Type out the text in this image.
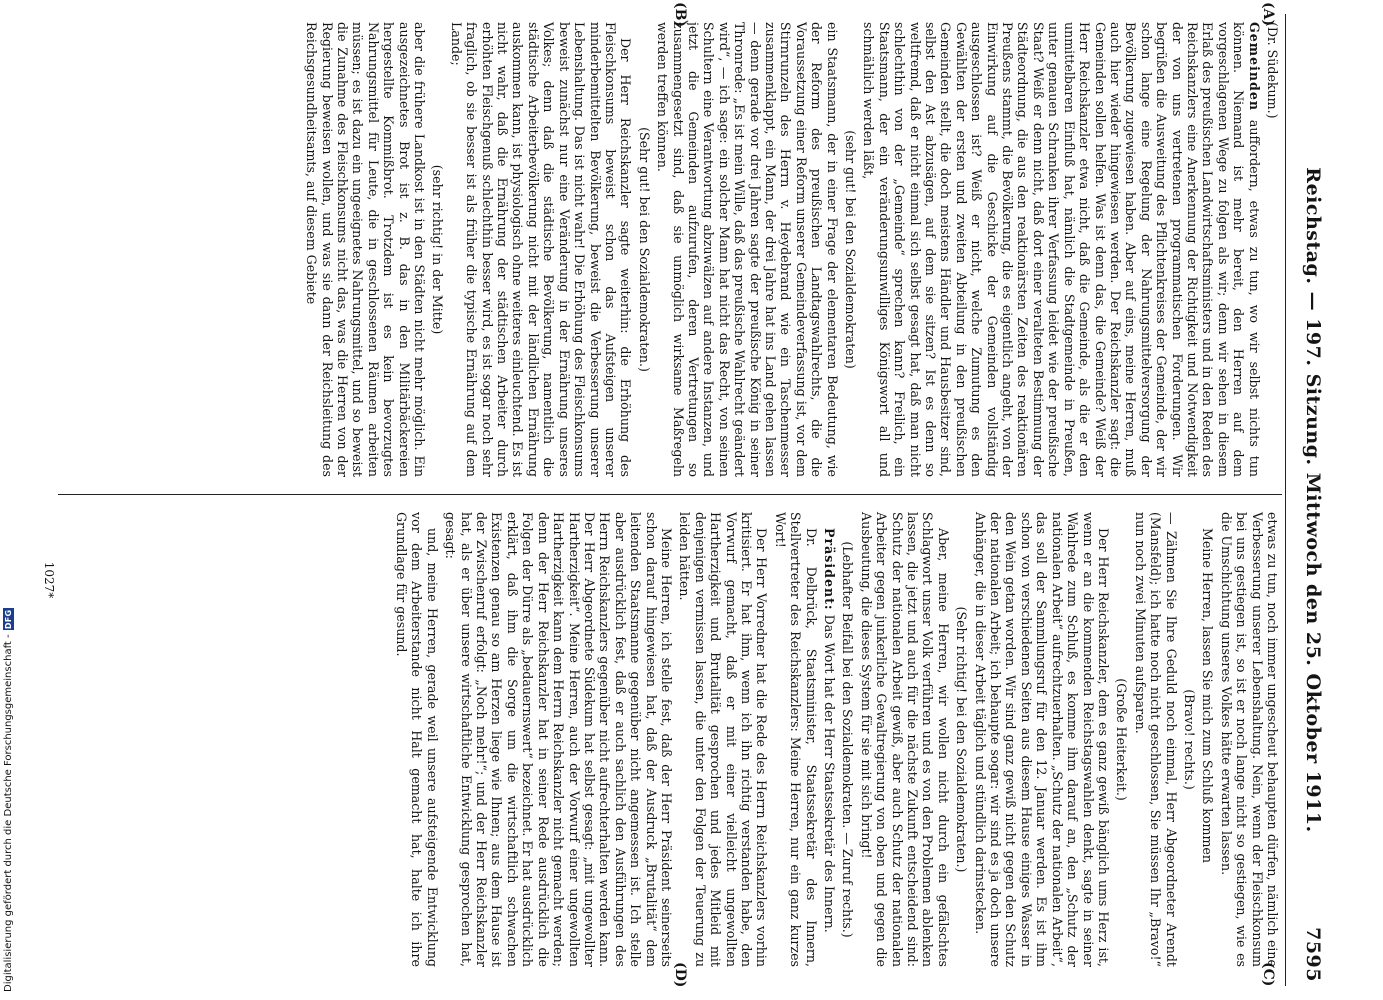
Reichstag. — 197. Sitzung. Mittwoch den 25. Oktober 1911.
7595
(A)
(B)
(C)
(D)

(Dr. Südekum.)

Gemeinden auffordern, etwas zu tun, wo wir selbst nichts tun können. Niemand ist mehr bereit, den Herren auf dem vorgeschlagenen Wege zu folgen als wir; denn wir sehen in diesem Erlaß des preußischen Landwirtschaftsministers und in den Reden des Reichskanzlers eine Anerkennung der Richtigkeit und Notwendigkeit der von uns vertretenen programmatischen Forderungen. Wir begrüßen die Ausweitung des Pflichtenkreises der Gemeinde, der wir schon lange eine Regelung der Nahrungsmittelversorgung der Bevölkerung zugewiesen haben. Aber auf eins, meine Herren, muß auch hier wieder hingewiesen werden. Der Reichskanzler sagt: die Gemeinden sollen helfen. Was ist denn das, die Gemeinde? Weiß der Herr Reichskanzler etwa nicht, daß die Gemeinde, als die er den unmittelbaren Einfluß hat, nämlich die Stadtgemeinde in Preußen, unter genauen Schranken ihrer Verfassung leidet wie der preußische Staat? Weiß er denn nicht, daß dort einer veralteten Bestimmung der Städteordnung, die aus den reaktionärsten Zeiten des reaktionären Preußens stammt, die Bevölkerung, die es eigentlich angeht, von der Einwirkung auf die Geschicke der Gemeinden vollständig ausgeschlossen ist? Weiß er nicht, welche Zumutung es den Gewählten der ersten und zweiten Abteilung in den preußischen Gemeinden stellt, die doch meistens Händler und Hausbesitzer sind, selbst den Ast abzusägen, auf dem sie sitzen? Ist es denn so weltfremd, daß er nicht einmal sich selbst gesagt hat, daß man nicht schlechthin von der „Gemeinde“ sprechen kann? Freilich, ein Staatsmann, der ein veränderungsunwilliges Königswort all und schmählich werden läßt,

(sehr gut! bei den Sozialdemokraten)

ein Staatsmann, der in einer Frage der elementaren Bedeutung, wie der Reform des preußischen Landtagswahlrechts, die die Voraussetzung einer Reform unserer Gemeindeverfassung ist, vor dem Stirnrunzeln des Herrn v. Heydebrand wie ein Taschenmesser zusammenklappt, ein Mann, der drei Jahre hat ins Land gehen lassen — denn gerade vor drei Jahren sagte der preußische König in seiner Thronrede: „Es ist mein Wille, daß das preußische Wahlrecht geändert wird“, — ich sage: ein solcher Mann hat nicht das Recht, von seinen Schultern eine Verantwortung abzuwälzen auf andere Instanzen, und jetzt die Gemeinden aufzurufen, deren Vertretungen so zusammengesetzt sind, daß sie unmöglich wirksame Maßregeln werden treffen können.

(Sehr gut! bei den Sozialdemokraten.)

Der Herr Reichskanzler sagte weiterhin: die Erhöhung des Fleischkonsums beweist schon das Aufsteigen unserer minderbemittelten Bevölkerung, beweist die Verbesserung unserer Lebenshaltung. Das ist nicht wahr! Die Erhöhung des Fleischkonsums beweist zunächst nur eine Veränderung in der Ernährung unseres Volkes; denn daß die städtische Bevölkerung, namentlich die städtische Arbeiterbevölkerung nicht mit der ländlichen Ernährung auskommen kann, ist physiologisch ohne weiteres einleuchtend. Es ist nicht wahr, daß die Ernährung der städtischen Arbeiter durch erhöhten Fleischgenuß schlechthin besser wird, es ist sogar noch sehr fraglich, ob sie besser ist als früher die typische Ernährung auf dem Lande;

(sehr richtig! in der Mitte)

aber die frühere Landkost ist in den Städten nicht mehr möglich. Ein ausgezeichnetes Brot ist z. B. das in den Militärbäckereien hergestellte Kommißbrot. Trotzdem ist es kein bevorzugtes Nahrungsmittel für Leute, die in geschlossenen Räumen arbeiten müssen; es ist dazu ein ungeeignetes Nahrungsmittel, und so beweist die Zunahme des Fleischkonsums nicht das, was die Herren von der Regierung beweisen wollen, und was sie dann der Reichsleitung des Reichsgesundheitsamts, auf diesem Gebiete

etwas zu tun, noch immer ungescheut behaupten dürfen, nämlich eine Verbesserung unserer Lebenshaltung. Nein, wenn der Fleischkonsum bei uns gestiegen ist, so ist er noch lange nicht so gestiegen, wie es die Umschichtung unseres Volkes hätte erwarten lassen.

Meine Herren, lassen Sie mich zum Schluß kommen

(Bravo! rechts.)

— Zähmen Sie Ihre Geduld noch einmal, Herr Abgeordneter Arendt (Mansfeld); ich hatte noch nicht geschlossen, Sie müssen Ihr „Bravo!“ nun noch zwei Minuten aufsparen.

(Große Heiterkeit.)

Der Herr Reichskanzler, dem es ganz gewiß bänglich ums Herz ist, wenn er an die kommenden Reichstagswahlen denkt, sagte in seiner Wahlrede zum Schluß, es komme ihm darauf an, den „Schutz der nationalen Arbeit“ aufrechtzuerhalten. „Schutz der nationalen Arbeit“, das soll der Sammlungsruf für den 12. Januar werden. Es ist ihm schon von verschiedenen Seiten aus diesem Hause einiges Wasser in den Wein getan worden. Wir sind ganz gewiß nicht gegen den Schutz der nationalen Arbeit; ich behaupte sogar: wir sind es ja doch unsere Anhänger, die in dieser Arbeit täglich und stündlich darinstecken.

(Sehr richtig! bei den Sozialdemokraten.)

Aber, meine Herren, wir wollen nicht durch ein gefälschtes Schlagwort unser Volk verführen und es von den Problemen ablenken lassen, die jetzt und auch für die nächste Zukunft entscheidend sind: Schutz der nationalen Arbeit gewiß, aber auch Schutz der nationalen Arbeiter gegen junkerliche Gewaltregierung von oben und gegen die Ausbeutung, die dieses System für sie mit sich bringt!

(Lebhafter Beifall bei den Sozialdemokraten. — Zuruf rechts.)

Präsident: Das Wort hat der Herr Staatssekretär des Innern.

Dr. Delbrück, Staatsminister, Staatssekretär des Innern, Stellvertreter des Reichskanzlers: Meine Herren, nur ein ganz kurzes Wort!

Der Herr Vorredner hat die Rede des Herrn Reichskanzlers vorhin kritisiert. Er hat ihm, wenn ich ihn richtig verstanden habe, den Vorwurf gemacht, daß er mit einer vielleicht ungewollten Hartherzigkeit und Brutalität gesprochen und jedes Mitleid mit denjenigen vermissen lassen, die unter den Folgen der Teuerung zu leiden hätten.

Meine Herren, ich stelle fest, daß der Herr Präsident seinerseits schon darauf hingewiesen hat, daß der Ausdruck „Brutalität“ dem leitenden Staatsmanne gegenüber nicht angemessen ist. Ich stelle aber ausdrücklich fest, daß er auch sachlich den Ausführungen des Herrn Reichskanzlers gegenüber nicht aufrechterhalten werden kann. Der Herr Abgeordnete Südekum hat selbst gesagt: „mit ungewollter Hartherzigkeit“. Meine Herren, auch der Vorwurf einer ungewollten Hartherzigkeit kann dem Herrn Reichskanzler nicht gemacht werden; denn der Herr Reichskanzler hat in seiner Rede ausdrücklich die Folgen der Dürre als „bedauernswert“ bezeichnet. Er hat ausdrücklich erklärt, daß ihm die Sorge um die wirtschaftlich schwachen Existenzen genau so am Herzen liege wie Ihnen; aus dem Hause ist der Zwischenruf erfolgt: „Noch mehr!“; und der Herr Reichskanzler hat, als er über unsere wirtschaftliche Entwicklung gesprochen hat, gesagt:

und, meine Herren, gerade weil unsere aufsteigende Entwicklung vor dem Arbeiterstande nicht Halt gemacht hat, halte ich ihre Grundlage für gesund.

1027*
Digitalisierung gefördert durch die Deutsche Forschungsgemeinschaft -
DFG
